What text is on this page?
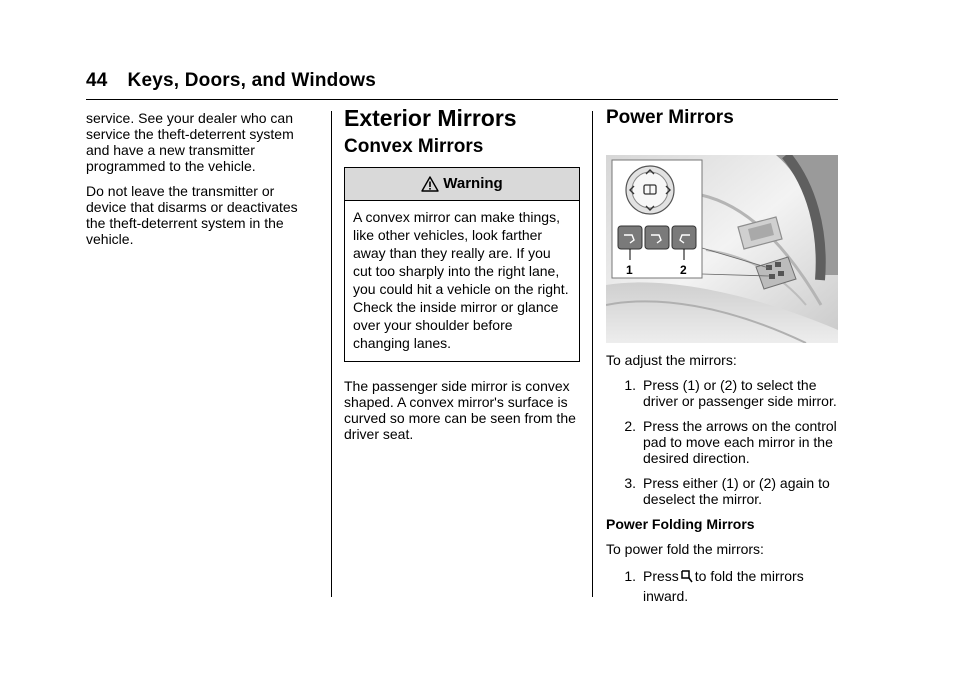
44 Keys, Doors, and Windows

service. See your dealer who can service the theft-deterrent system and have a new transmitter programmed to the vehicle.

Do not leave the transmitter or device that disarms or deactivates the theft-deterrent system in the vehicle.

Exterior Mirrors
Convex Mirrors
Warning
A convex mirror can make things, like other vehicles, look farther away than they really are. If you cut too sharply into the right lane, you could hit a vehicle on the right. Check the inside mirror or glance over your shoulder before changing lanes.

The passenger side mirror is convex shaped. A convex mirror's surface is curved so more can be seen from the driver seat.

Power Mirrors
1	2

To adjust the mirrors:

1. Press (1) or (2) to select the driver or passenger side mirror.
2. Press the arrows on the control pad to move each mirror in the desired direction.
3. Press either (1) or (2) again to deselect the mirror.

Power Folding Mirrors

To power fold the mirrors:

1. Press to fold the mirrors inward.
